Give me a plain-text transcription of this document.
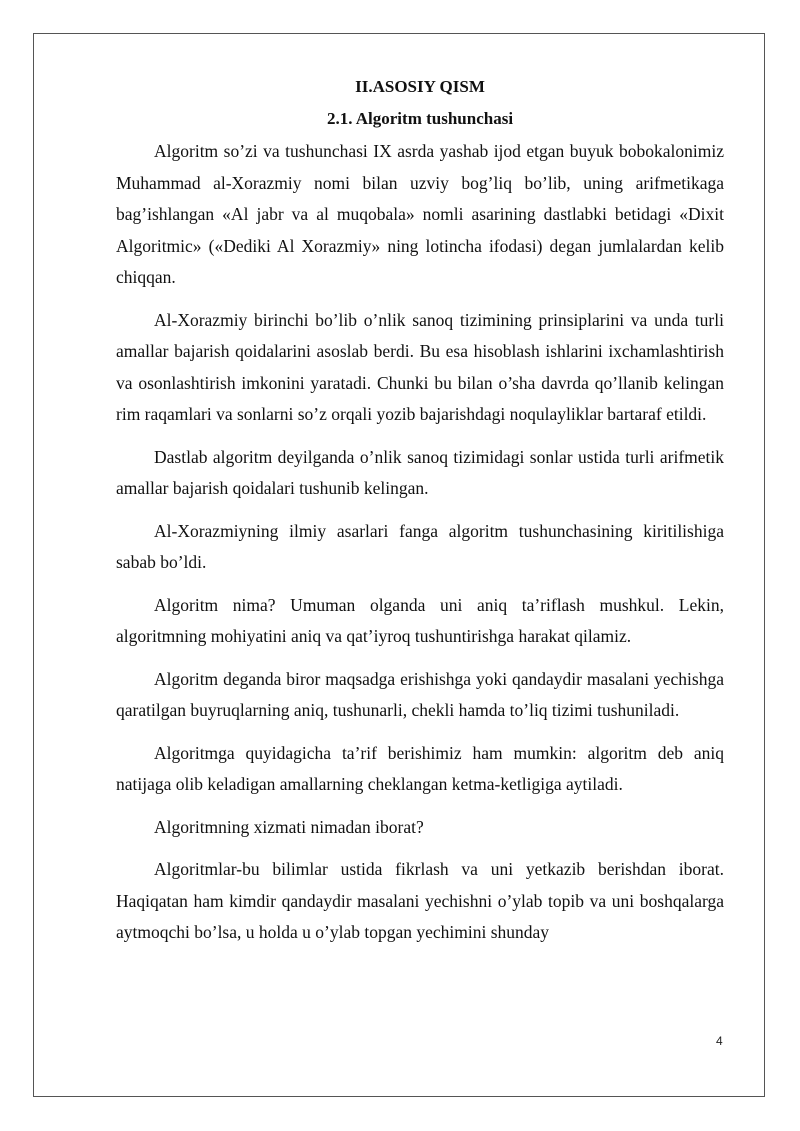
II.ASOSIY QISM

2.1. Algoritm tushunchasi

Algoritm so’zi va tushunchasi IX asrda yashab ijod etgan buyuk bobokalonimiz Muhammad al-Xorazmiy nomi bilan uzviy bog’liq bo’lib, uning arifmetikaga bag’ishlangan «Al jabr va al muqobala» nomli asarining dastlabki betidagi «Dixit Algoritmic» («Dediki Al Xorazmiy» ning lotincha ifodasi) degan jumlalardan kelib chiqqan.

Al-Xorazmiy birinchi bo’lib o’nlik sanoq tizimining prinsiplarini va unda turli amallar bajarish qoidalarini asoslab berdi. Bu esa hisoblash ishlarini ixchamlashtirish va osonlashtirish imkonini yaratadi. Chunki bu bilan o’sha davrda qo’llanib kelingan rim raqamlari va sonlarni so’z orqali yozib bajarishdagi noqulayliklar bartaraf etildi.

Dastlab algoritm deyilganda o’nlik sanoq tizimidagi sonlar ustida turli arifmetik amallar bajarish qoidalari tushunib kelingan.

Al-Xorazmiyning ilmiy asarlari fanga algoritm tushunchasining kiritilishiga sabab bo’ldi.

Algoritm nima? Umuman olganda uni aniq ta’riflash mushkul. Lekin, algoritmning mohiyatini aniq va qat’iyroq tushuntirishga harakat qilamiz.

Algoritm deganda biror maqsadga erishishga yoki qandaydir masalani yechishga qaratilgan buyruqlarning aniq, tushunarli, chekli hamda to’liq tizimi tushuniladi.

Algoritmga quyidagicha ta’rif berishimiz ham mumkin: algoritm deb aniq natijaga olib keladigan amallarning cheklangan ketma-ketligiga aytiladi.

Algoritmning xizmati nimadan iborat?

Algoritmlar-bu bilimlar ustida fikrlash va uni yetkazib berishdan iborat. Haqiqatan ham kimdir qandaydir masalani yechishni o’ylab topib va uni boshqalarga aytmoqchi bo’lsa, u holda u o’ylab topgan yechimini shunday

4
